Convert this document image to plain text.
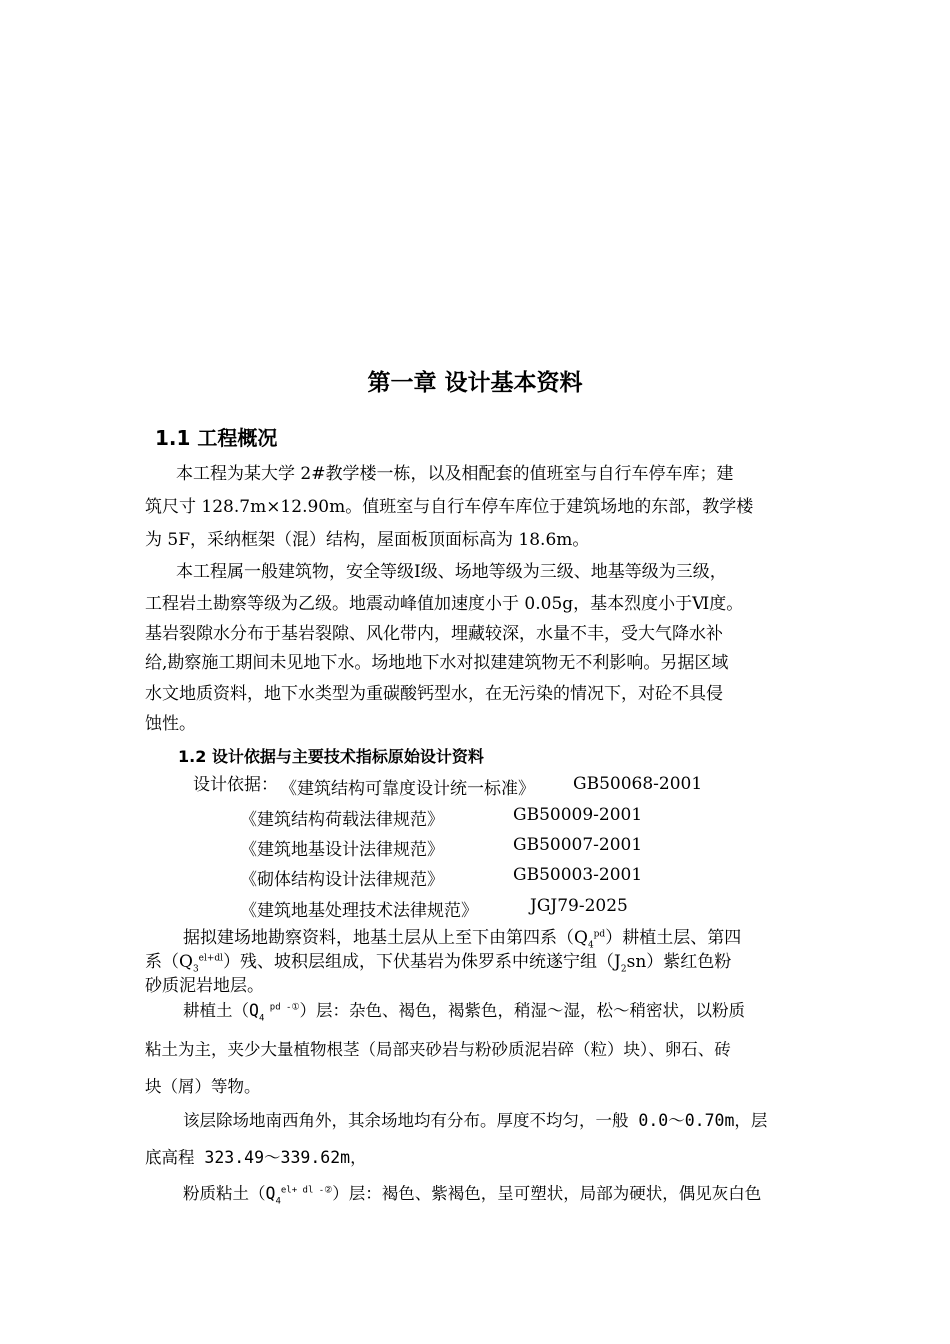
第一章 设计基本资料
1.1 工程概况
本工程为某大学 2#教学楼一栋，以及相配套的值班室与自行车停车库；建
筑尺寸 128.7m×12.90m。值班室与自行车停车库位于建筑场地的东部，教学楼
为 5F，采纳框架（混）结构，屋面板顶面标高为 18.6m。
本工程属一般建筑物，安全等级Ⅰ级、场地等级为三级、地基等级为三级，
工程岩土勘察等级为乙级。地震动峰值加速度小于 0.05g，基本烈度小于Ⅵ度。
基岩裂隙水分布于基岩裂隙、风化带内，埋藏较深，水量不丰，受大气降水补
给,勘察施工期间未见地下水。场地地下水对拟建建筑物无不利影响。另据区域
水文地质资料，地下水类型为重碳酸钙型水，在无污染的情况下，对砼不具侵
蚀性。
1.2 设计依据与主要技术指标原始设计资料
设计依据： 《建筑结构可靠度设计统一标准》 GB50068-2001
《建筑结构荷载法律规范》	GB50009-2001
《建筑地基设计法律规范》	GB50007-2001
《砌体结构设计法律规范》	GB50003-2001
《建筑地基处理技术法律规范》	JGJ79-2025
据拟建场地勘察资料，地基土层从上至下由第四系$(Q_4^{pd})$耕植土层、第四
系$(Q_3^{el+dl})$残、坡积层组成，下伏基岩为侏罗系中统遂宁组$(J_2sn)$紫红色粉
砂质泥岩地层。
耕植土（$Q_4$ $^{pd -①}$）层：杂色、褐色，褐紫色，稍湿～湿，松～稍密状，以粉质
粘土为主，夹少大量植物根茎（局部夹砂岩与粉砂质泥岩碎（粒）块）、卵石、砖
块（屑）等物。
该层除场地南西角外，其余场地均有分布。厚度不均匀，一般 0.0～0.70m，层
底高程 323.49～339.62m，
粉质粘土$(Q_4^{el+ dl -②})$层：褐色、紫褐色，呈可塑状，局部为硬状，偶见灰白色
